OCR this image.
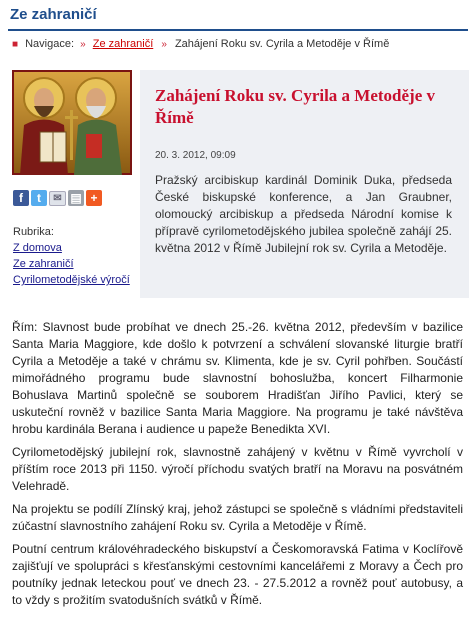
Ze zahraničí
■ Navigace: » Ze zahraničí » Zahájení Roku sv. Cyrila a Metoděje v Římě
f t ✉ ▤ +
Rubrika:
Z domova
Ze zahraničí
Cyrilometodějské výročí
Zahájení Roku sv. Cyrila a Metoděje v Římě
20. 3. 2012, 09:09
Pražský arcibiskup kardinál Dominik Duka, předseda České biskupské konference, a Jan Graubner, olomoucký arcibiskup a předseda Národní komise k přípravě cyrilometodějského jubilea společně zahájí 25. května 2012 v Římě Jubilejní rok sv. Cyrila a Metoděje.

Řím: Slavnost bude probíhat ve dnech 25.-26. května 2012, především v bazilice Santa Maria Maggiore, kde došlo k potvrzení a schválení slovanské liturgie bratří Cyrila a Metoděje a také v chrámu sv. Klimenta, kde je sv. Cyril pohřben. Součástí mimořádného programu bude slavnostní bohoslužba, koncert Filharmonie Bohuslava Martinů společně se souborem Hradišťan Jiřího Pavlici, který se uskuteční rovněž v bazilice Santa Maria Maggiore. Na programu je také návštěva hrobu kardinála Berana i audience u papeže Benedikta XVI.

Cyrilometodějský jubilejní rok, slavnostně zahájený v květnu v Římě vyvrcholí v příštím roce 2013 při 1150. výročí příchodu svatých bratří na Moravu na posvátném Velehradě.

Na projektu se podílí Zlínský kraj, jehož zástupci se společně s vládními představiteli zúčastní slavnostního zahájení Roku sv. Cyrila a Metoděje v Římě.

Poutní centrum královéhradeckého biskupství a Českomoravská Fatima v Koclířově zajišťují ve spolupráci s křesťanskými cestovními kancelářemi z Moravy a Čech pro poutníky jednak leteckou pouť ve dnech 23. - 27.5.2012 a rovněž pouť autobusy, a to vždy s prožitím svatodušních svátků v Římě.
